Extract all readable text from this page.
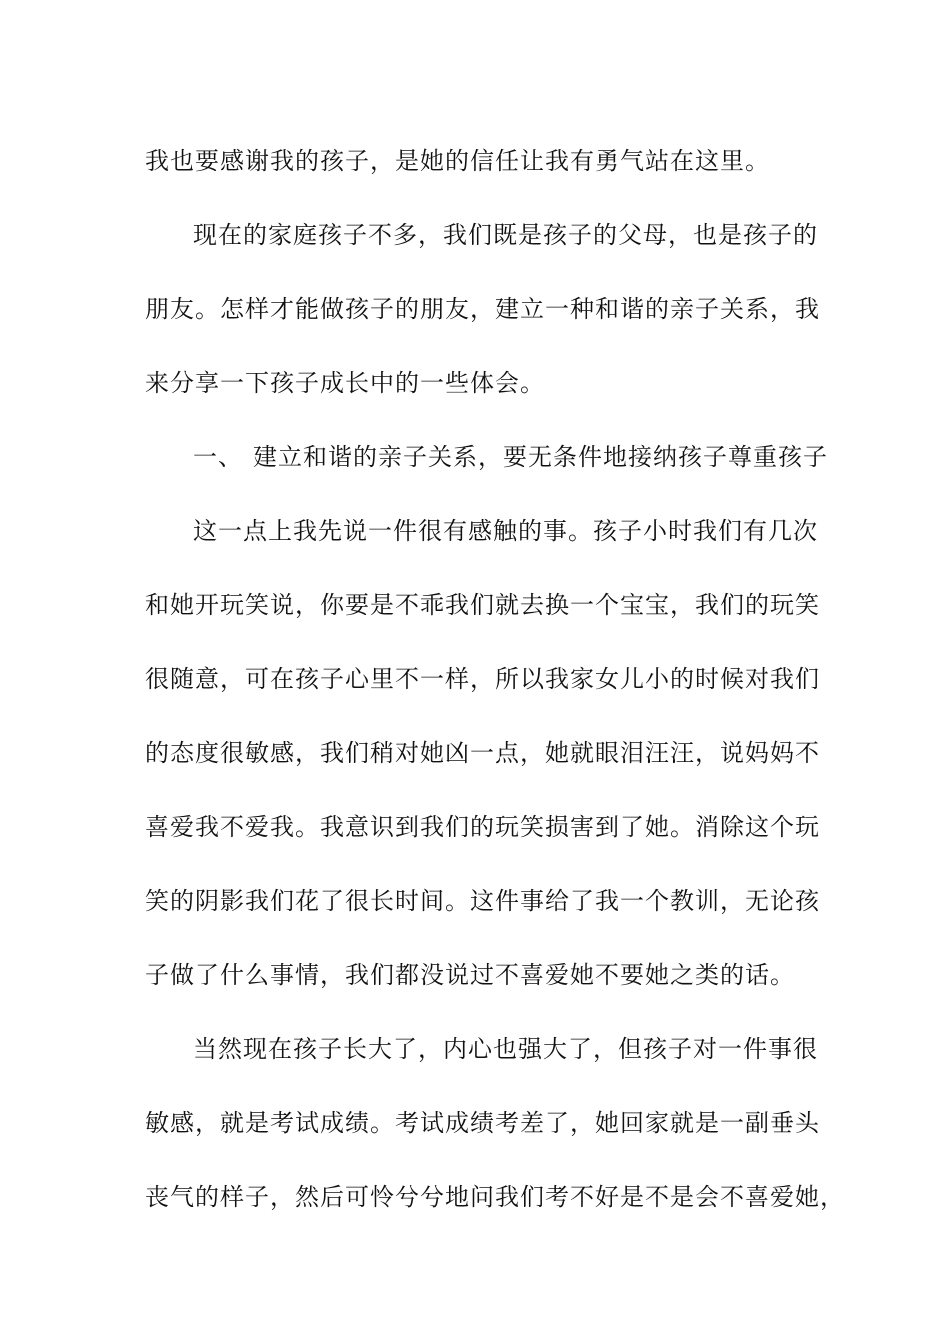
我也要感谢我的孩子，是她的信任让我有勇气站在这里。
现在的家庭孩子不多，我们既是孩子的父母，也是孩子的
朋友。怎样才能做孩子的朋友，建立一种和谐的亲子关系，我
来分享一下孩子成长中的一些体会。
一、 建立和谐的亲子关系，要无条件地接纳孩子尊重孩子
这一点上我先说一件很有感触的事。孩子小时我们有几次
和她开玩笑说，你要是不乖我们就去换一个宝宝，我们的玩笑
很随意，可在孩子心里不一样，所以我家女儿小的时候对我们
的态度很敏感，我们稍对她凶一点，她就眼泪汪汪，说妈妈不
喜爱我不爱我。我意识到我们的玩笑损害到了她。消除这个玩
笑的阴影我们花了很长时间。这件事给了我一个教训，无论孩
子做了什么事情，我们都没说过不喜爱她不要她之类的话。
当然现在孩子长大了，内心也强大了，但孩子对一件事很
敏感，就是考试成绩。考试成绩考差了，她回家就是一副垂头
丧气的样子，然后可怜兮兮地问我们考不好是不是会不喜爱她，
